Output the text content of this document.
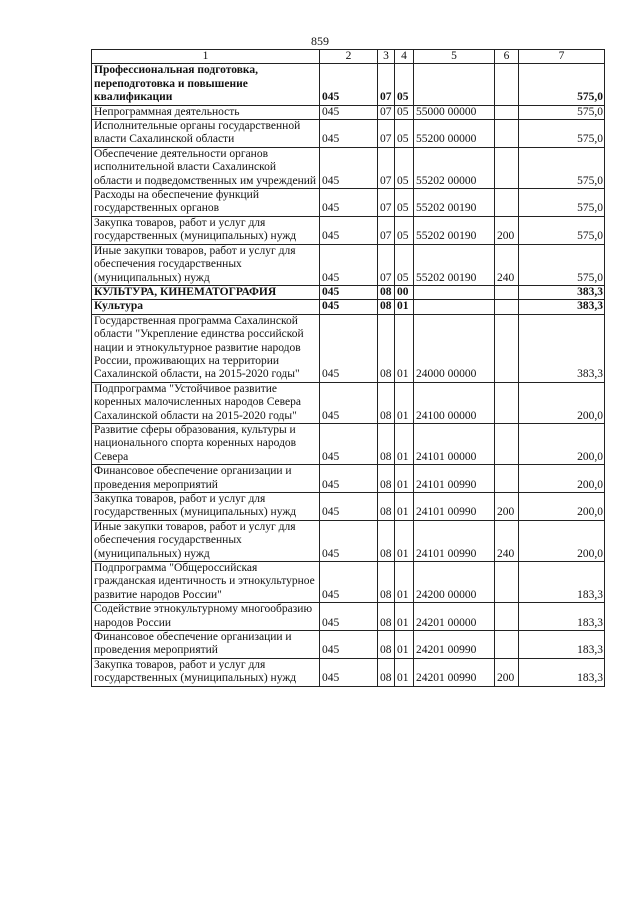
859
1	2	3	4	5	6	7
Профессиональная подготовка, переподготовка и повышение квалификации	045	07	05			575,0
Непрограммная деятельность	045	07	05	55000 00000		575,0
Исполнительные органы государственной власти Сахалинской области	045	07	05	55200 00000		575,0
Обеспечение деятельности органов исполнительной власти Сахалинской области и подведомственных им учреждений	045	07	05	55202 00000		575,0
Расходы на обеспечение функций государственных органов	045	07	05	55202 00190		575,0
Закупка товаров, работ и услуг для государственных (муниципальных) нужд	045	07	05	55202 00190	200	575,0
Иные закупки товаров, работ и услуг для обеспечения государственных (муниципальных) нужд	045	07	05	55202 00190	240	575,0
КУЛЬТУРА, КИНЕМАТОГРАФИЯ	045	08	00			383,3
Культура	045	08	01			383,3
Государственная программа Сахалинской области "Укрепление единства российской нации и этнокультурное развитие народов России, проживающих на территории Сахалинской области, на 2015-2020 годы"	045	08	01	24000 00000		383,3
Подпрограмма "Устойчивое развитие коренных малочисленных народов Севера Сахалинской области на 2015-2020 годы"	045	08	01	24100 00000		200,0
Развитие сферы образования, культуры и национального спорта коренных народов Севера	045	08	01	24101 00000		200,0
Финансовое обеспечение организации и проведения мероприятий	045	08	01	24101 00990		200,0
Закупка товаров, работ и услуг для государственных (муниципальных) нужд	045	08	01	24101 00990	200	200,0
Иные закупки товаров, работ и услуг для обеспечения государственных (муниципальных) нужд	045	08	01	24101 00990	240	200,0
Подпрограмма "Общероссийская гражданская идентичность и этнокультурное развитие народов России"	045	08	01	24200 00000		183,3
Содействие этнокультурному многообразию народов России	045	08	01	24201 00000		183,3
Финансовое обеспечение организации и проведения мероприятий	045	08	01	24201 00990		183,3
Закупка товаров, работ и услуг для государственных (муниципальных) нужд	045	08	01	24201 00990	200	183,3
